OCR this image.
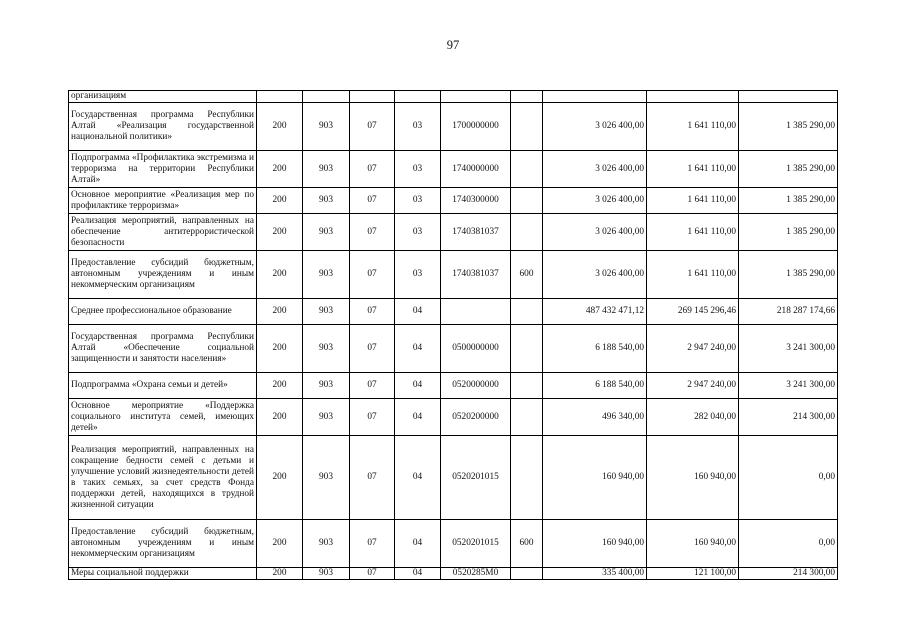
97
организациям									
Государственная программа Республики Алтай «Реализация государственной национальной политики»	200	903	07	03	1700000000		3 026 400,00	1 641 110,00	1 385 290,00
Подпрограмма «Профилактика экстремизма и терроризма на территории Республики Алтай»	200	903	07	03	1740000000		3 026 400,00	1 641 110,00	1 385 290,00
Основное мероприятие «Реализация мер по профилактике терроризма»	200	903	07	03	1740300000		3 026 400,00	1 641 110,00	1 385 290,00
Реализация мероприятий, направленных на обеспечение антитеррористической безопасности	200	903	07	03	1740381037		3 026 400,00	1 641 110,00	1 385 290,00
Предоставление субсидий бюджетным, автономным учреждениям и иным некоммерческим организациям	200	903	07	03	1740381037	600	3 026 400,00	1 641 110,00	1 385 290,00
Среднее профессиональное образование	200	903	07	04			487 432 471,12	269 145 296,46	218 287 174,66
Государственная программа Республики Алтай «Обеспечение социальной защищенности и занятости населения»	200	903	07	04	0500000000		6 188 540,00	2 947 240,00	3 241 300,00
Подпрограмма «Охрана семьи и детей»	200	903	07	04	0520000000		6 188 540,00	2 947 240,00	3 241 300,00
Основное мероприятие «Поддержка социального института семей, имеющих детей»	200	903	07	04	0520200000		496 340,00	282 040,00	214 300,00
Реализация мероприятий, направленных на сокращение бедности семей с детьми и улучшение условий жизнедеятельности детей в таких семьях, за счет средств Фонда поддержки детей, находящихся в трудной жизненной ситуации	200	903	07	04	0520201015		160 940,00	160 940,00	0,00
Предоставление субсидий бюджетным, автономным учреждениям и иным некоммерческим организациям	200	903	07	04	0520201015	600	160 940,00	160 940,00	0,00
Меры социальной поддержки	200	903	07	04	0520285М0		335 400,00	121 100,00	214 300,00
